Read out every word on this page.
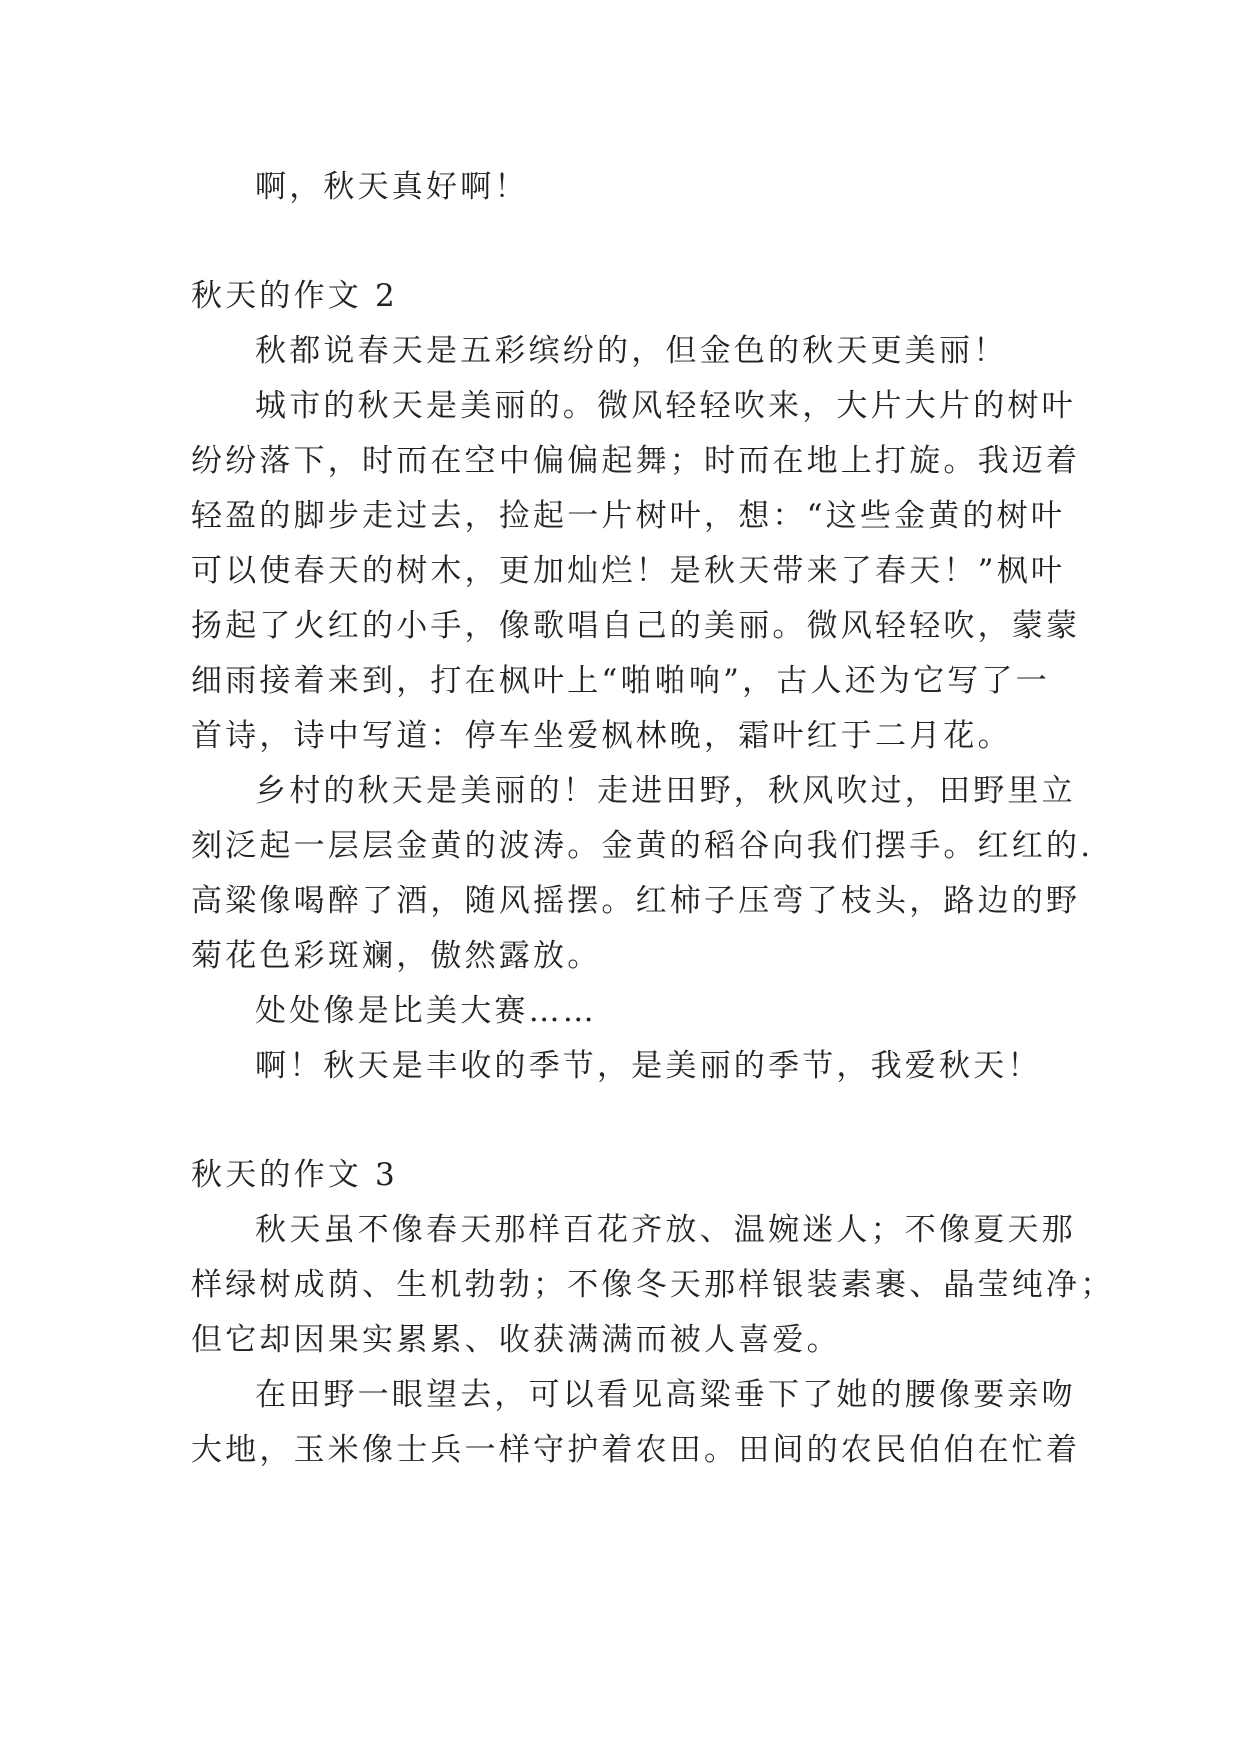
啊，秋天真好啊！
秋天的作文 2
秋都说春天是五彩缤纷的，但金色的秋天更美丽！
城市的秋天是美丽的。微风轻轻吹来，大片大片的树叶
纷纷落下，时而在空中偏偏起舞；时而在地上打旋。我迈着
轻盈的脚步走过去，捡起一片树叶，想：“这些金黄的树叶
可以使春天的树木，更加灿烂！是秋天带来了春天！”枫叶
扬起了火红的小手，像歌唱自己的美丽。微风轻轻吹，蒙蒙
细雨接着来到，打在枫叶上“啪啪响”，古人还为它写了一
首诗，诗中写道：停车坐爱枫林晚，霜叶红于二月花。
乡村的秋天是美丽的！走进田野，秋风吹过，田野里立
刻泛起一层层金黄的波涛。金黄的稻谷向我们摆手。红红的.
高粱像喝醉了酒，随风摇摆。红柿子压弯了枝头，路边的野
菊花色彩斑斓，傲然露放。
处处像是比美大赛……
啊！秋天是丰收的季节，是美丽的季节，我爱秋天！
秋天的作文 3
秋天虽不像春天那样百花齐放、温婉迷人；不像夏天那
样绿树成荫、生机勃勃；不像冬天那样银装素裹、晶莹纯净；
但它却因果实累累、收获满满而被人喜爱。
在田野一眼望去，可以看见高粱垂下了她的腰像要亲吻
大地，玉米像士兵一样守护着农田。田间的农民伯伯在忙着
